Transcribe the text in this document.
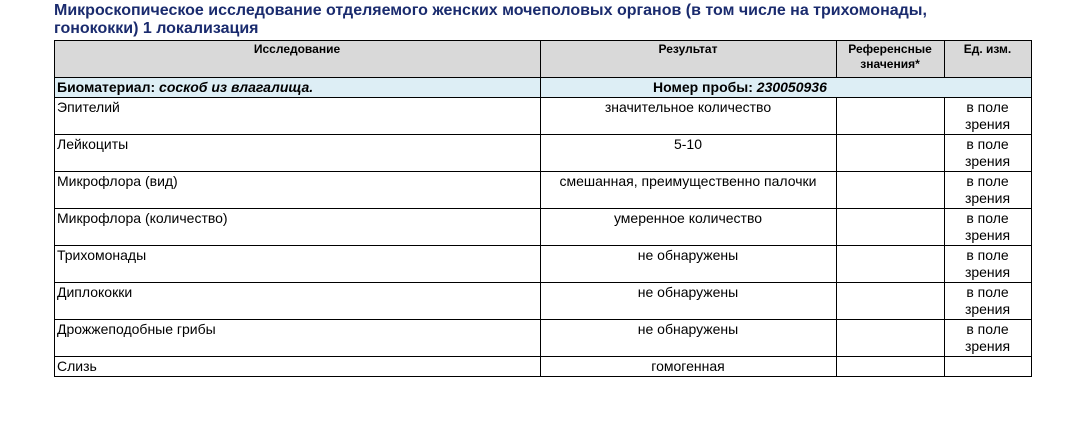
Микроскопическое исследование отделяемого женских мочеполовых органов (в том числе на трихомонады, гонококки) 1 локализация
Исследование	Результат	Референсные значения*	Ед. изм.
Биоматериал: соскоб из влагалища.	Номер пробы: 230050936		
Эпителий	значительное количество		в поле зрения
Лейкоциты	5-10		в поле зрения
Микрофлора (вид)	смешанная, преимущественно палочки		в поле зрения
Микрофлора (количество)	умеренное количество		в поле зрения
Трихомонады	не обнаружены		в поле зрения
Диплококки	не обнаружены		в поле зрения
Дрожжеподобные грибы	не обнаружены		в поле зрения
Слизь	гомогенная		
